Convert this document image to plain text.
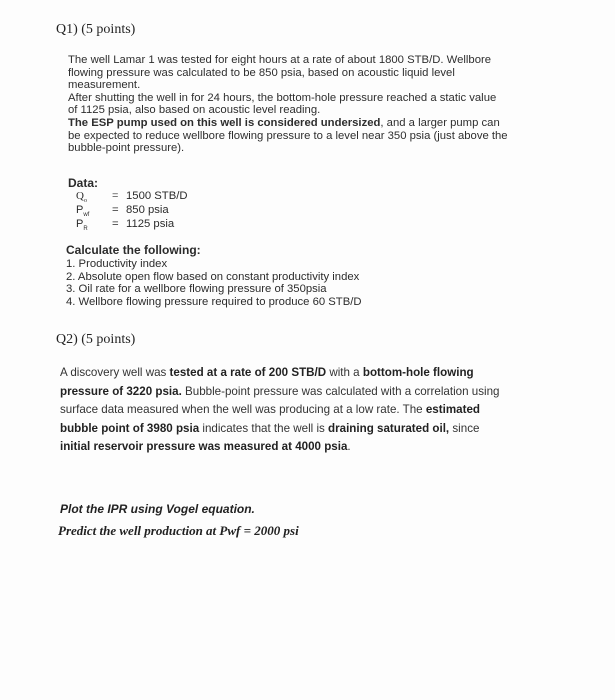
Q1) (5 points)

The well Lamar 1 was tested for eight hours at a rate of about 1800 STB/D. Wellbore flowing pressure was calculated to be 850 psia, based on acoustic liquid level measurement.

After shutting the well in for 24 hours, the bottom-hole pressure reached a static value of 1125 psia, also based on acoustic level reading.

The ESP pump used on this well is considered undersized, and a larger pump can be expected to reduce wellbore flowing pressure to a level near 350 psia (just above the bubble-point pressure).

Data:
$Q_o$	= 1500 STB/D
$P_{wf}$	= 850 psia
$P_R$	= 1125 psia
Calculate the following:
1. Productivity index
2. Absolute open flow based on constant productivity index
3. Oil rate for a wellbore flowing pressure of 350psia
4. Wellbore flowing pressure required to produce 60 STB/D
Q2) (5 points)
A discovery well was tested at a rate of 200 STB/D with a bottom-hole flowing pressure of 3220 psia. Bubble-point pressure was calculated with a correlation using surface data measured when the well was producing at a low rate. The estimated bubble point of 3980 psia indicates that the well is draining saturated oil, since initial reservoir pressure was measured at 4000 psia.
Plot the IPR using Vogel equation.
Predict the well production at Pwf = 2000 psi
